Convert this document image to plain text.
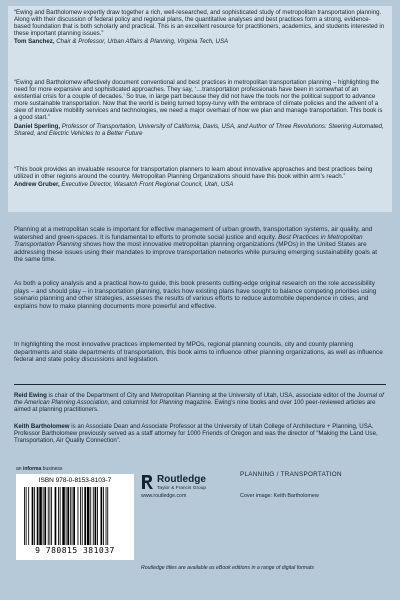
“Ewing and Bartholomew expertly draw together a rich, well-researched, and sophisticated study of metropolitan transportation planning. Along with their discussion of federal policy and regional plans, the quantitative analyses and best practices form a strong, evidence-based foundation that is both scholarly and practical. This is an excellent resource for practitioners, academics, and students interested in these important planning issues.”
Tom Sanchez, Chair & Professor, Urban Affairs & Planning, Virginia Tech, USA
“Ewing and Bartholomew effectively document conventional and best practices in metropolitan transportation planning – highlighting the need for more expansive and sophisticated approaches. They say, ‘…transportation professionals have been in somewhat of an existential crisis for a couple of decades.’ So true, in large part because they did not have the tools nor the political support to advance more sustainable transportation. Now that the world is being turned topsy-turvy with the embrace of climate policies and the advent of a slew of innovative mobility services and technologies, we need a major overhaul of how we plan and manage transportation. This book is a good start.”
Daniel Sperling, Professor of Transportation, University of California, Davis, USA, and Author of Three Revolutions: Steering Automated, Shared, and Electric Vehicles to a Better Future
“This book provides an invaluable resource for transportation planners to learn about innovative approaches and best practices being utilized in other regions around the country. Metropolitan Planning Organizations should have this book within arm’s reach.”
Andrew Gruber, Executive Director, Wasatch Front Regional Council, Utah, USA
Planning at a metropolitan scale is important for effective management of urban growth, transportation systems, air quality, and watershed and green-spaces. It is fundamental to efforts to promote social justice and equity. Best Practices in Metropolitan Transportation Planning shows how the most innovative metropolitan planning organizations (MPOs) in the United States are addressing these issues using their mandates to improve transportation networks while pursuing emerging sustainability goals at the same time.
As both a policy analysis and a practical how-to guide, this book presents cutting-edge original research on the role accessibility plays – and should play – in transportation planning, tracks how existing plans have sought to balance competing priorities using scenario planning and other strategies, assesses the results of various efforts to reduce automobile dependence in cities, and explains how to make planning documents more powerful and effective.
In highlighting the most innovative practices implemented by MPOs, regional planning councils, city and county planning departments and state departments of transportation, this book aims to influence other planning organizations, as well as influence federal and state policy discussions and legislation.
Reid Ewing is chair of the Department of City and Metropolitan Planning at the University of Utah, USA, associate editor of the Journal of the American Planning Association, and columnist for Planning magazine. Ewing’s nine books and over 100 peer-reviewed articles are aimed at planning practitioners.
Keith Bartholomew is an Associate Dean and Associate Professor at the University of Utah College of Architecture + Planning, USA. Professor Bartholomew previously served as a staff attorney for 1000 Friends of Oregon and was the director of “Making the Land Use, Transportation, Air Quality Connection”.
an informa business
ISBN 978-0-8153-8103-7
9 780815 381037
Routledge
Taylor & Francis Group
www.routledge.com
PLANNING / TRANSPORTATION
Cover image: Keith Bartholomew
Routledge titles are available as eBook editions in a range of digital formats
